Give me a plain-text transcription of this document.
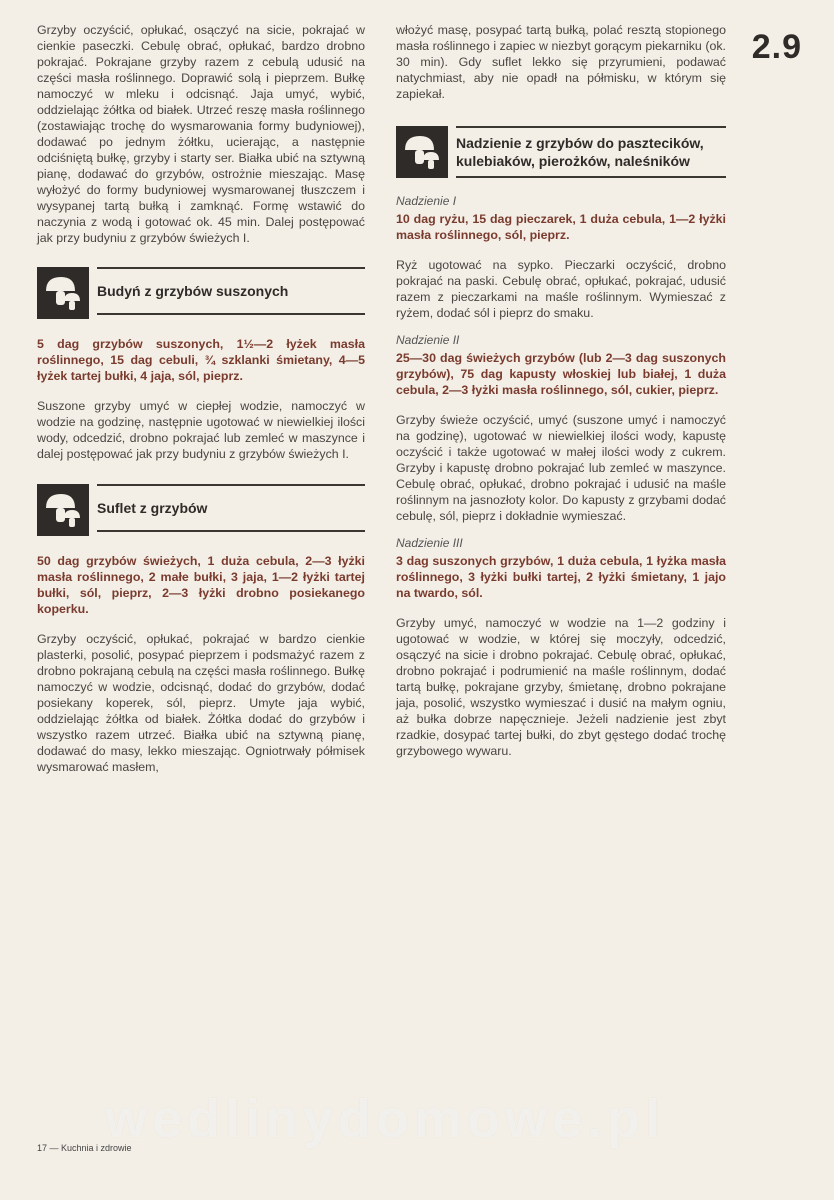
2.9

Grzyby oczyścić, opłukać, osączyć na sicie, pokrajać w cienkie paseczki. Cebulę obrać, opłukać, bardzo drobno pokrajać. Pokrajane grzyby razem z cebulą udusić na części masła roślinnego. Doprawić solą i pieprzem. Bułkę namoczyć w mleku i odcisnąć. Jaja umyć, wybić, oddzielając żółtka od białek. Utrzeć reszę masła roślinnego (zostawiając trochę do wysmarowania formy budyniowej), dodawać po jednym żółtku, ucierając, a następnie odciśniętą bułkę, grzyby i starty ser. Białka ubić na sztywną pianę, dodawać do grzybów, ostrożnie mieszając. Masę wyłożyć do formy budyniowej wysmarowanej tłuszczem i wysypanej tartą bułką i zamknąć. Formę wstawić do naczynia z wodą i gotować ok. 45 min. Dalej postępować jak przy budyniu z grzybów świeżych I.

Budyń z grzybów suszonych

5 dag grzybów suszonych, 1½—2 łyżek masła roślinnego, 15 dag cebuli, ¾ szklanki śmietany, 4—5 łyżek tartej bułki, 4 jaja, sól, pieprz.

Suszone grzyby umyć w ciepłej wodzie, namoczyć w wodzie na godzinę, następnie ugotować w niewielkiej ilości wody, odcedzić, drobno pokrajać lub zemleć w maszynce i dalej postępować jak przy budyniu z grzybów świeżych I.

Suflet z grzybów

50 dag grzybów świeżych, 1 duża cebula, 2—3 łyżki masła roślinnego, 2 małe bułki, 3 jaja, 1—2 łyżki tartej bułki, sól, pieprz, 2—3 łyżki drobno posiekanego koperku.

Grzyby oczyścić, opłukać, pokrajać w bardzo cienkie plasterki, posolić, posypać pieprzem i podsmażyć razem z drobno pokrajaną cebulą na części masła roślinnego. Bułkę namoczyć w wodzie, odcisnąć, dodać do grzybów, dodać posiekany koperek, sól, pieprz. Umyte jaja wybić, oddzielając żółtka od białek. Żółtka dodać do grzybów i wszystko razem utrzeć. Białka ubić na sztywną pianę, dodawać do masy, lekko mieszając. Ogniotrwały półmisek wysmarować masłem,

włożyć masę, posypać tartą bułką, polać resztą stopionego masła roślinnego i zapiec w niezbyt gorącym piekarniku (ok. 30 min). Gdy suflet lekko się przyrumieni, podawać natychmiast, aby nie opadł na półmisku, w którym się zapiekał.

Nadzienie z grzybów do pasztecików, kulebiaków, pierożków, naleśników
Nadzienie I

10 dag ryżu, 15 dag pieczarek, 1 duża cebula, 1—2 łyżki masła roślinnego, sól, pieprz.

Ryż ugotować na sypko. Pieczarki oczyścić, drobno pokrajać na paski. Cebulę obrać, opłukać, pokrajać, udusić razem z pieczarkami na maśle roślinnym. Wymieszać z ryżem, dodać sól i pieprz do smaku.

Nadzienie II

25—30 dag świeżych grzybów (lub 2—3 dag suszonych grzybów), 75 dag kapusty włoskiej lub białej, 1 duża cebula, 2—3 łyżki masła roślinnego, sól, cukier, pieprz.

Grzyby świeże oczyścić, umyć (suszone umyć i namoczyć na godzinę), ugotować w niewielkiej ilości wody, kapustę oczyścić i także ugotować w małej ilości wody z cukrem. Grzyby i kapustę drobno pokrajać lub zemleć w maszynce. Cebulę obrać, opłukać, drobno pokrajać i udusić na maśle roślinnym na jasnozłoty kolor. Do kapusty z grzybami dodać cebulę, sól, pieprz i dokładnie wymieszać.

Nadzienie III

3 dag suszonych grzybów, 1 duża cebula, 1 łyżka masła roślinnego, 3 łyżki bułki tartej, 2 łyżki śmietany, 1 jajo na twardo, sól.

Grzyby umyć, namoczyć w wodzie na 1—2 godziny i ugotować w wodzie, w której się moczyły, odcedzić, osączyć na sicie i drobno pokrajać. Cebulę obrać, opłukać, drobno pokrajać i podrumienić na maśle roślinnym, dodać tartą bułkę, pokrajane grzyby, śmietanę, drobno pokrajane jaja, posolić, wszystko wymieszać i dusić na małym ogniu, aż bułka dobrze napęcznieje. Jeżeli nadzienie jest zbyt rzadkie, dosypać tartej bułki, do zbyt gęstego dodać trochę grzybowego wywaru.

wedlinydomowe.pl
17 — Kuchnia i zdrowie
